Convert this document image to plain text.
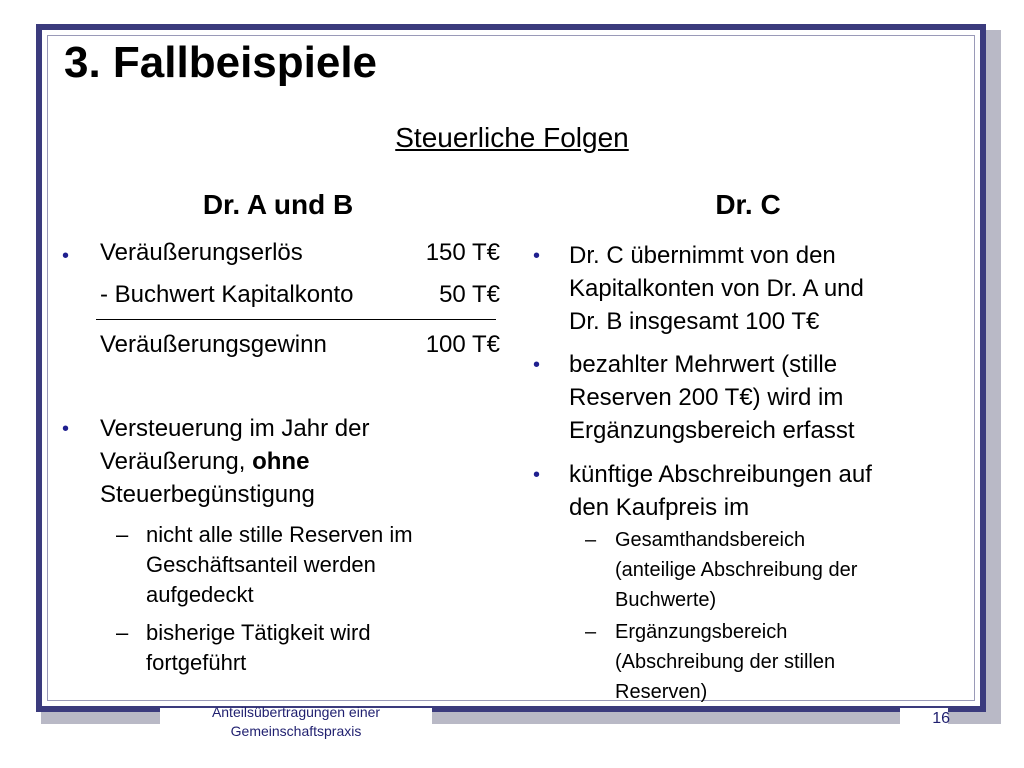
3. Fallbeispiele
Steuerliche Folgen
Dr. A und B
• Veräußerungserlös	150 T€
- Buchwert Kapitalkonto	50 T€
Veräußerungsgewinn	100 T€
• Versteuerung im Jahr der
Veräußerung, ohne
Steuerbegünstigung
– nicht alle stille Reserven im
Geschäftsanteil werden
aufgedeckt
– bisherige Tätigkeit wird
fortgeführt
Dr. C
• Dr. C übernimmt von den
Kapitalkonten von Dr. A und
Dr. B insgesamt 100 T€
• bezahlter Mehrwert (stille
Reserven 200 T€) wird im
Ergänzungsbereich erfasst
• künftige Abschreibungen auf
den Kaufpreis im
– Gesamthandsbereich
(anteilige Abschreibung der
Buchwerte)
– Ergänzungsbereich
(Abschreibung der stillen
Reserven)
Anteilsübertragungen einer
Gemeinschaftspraxis
16
